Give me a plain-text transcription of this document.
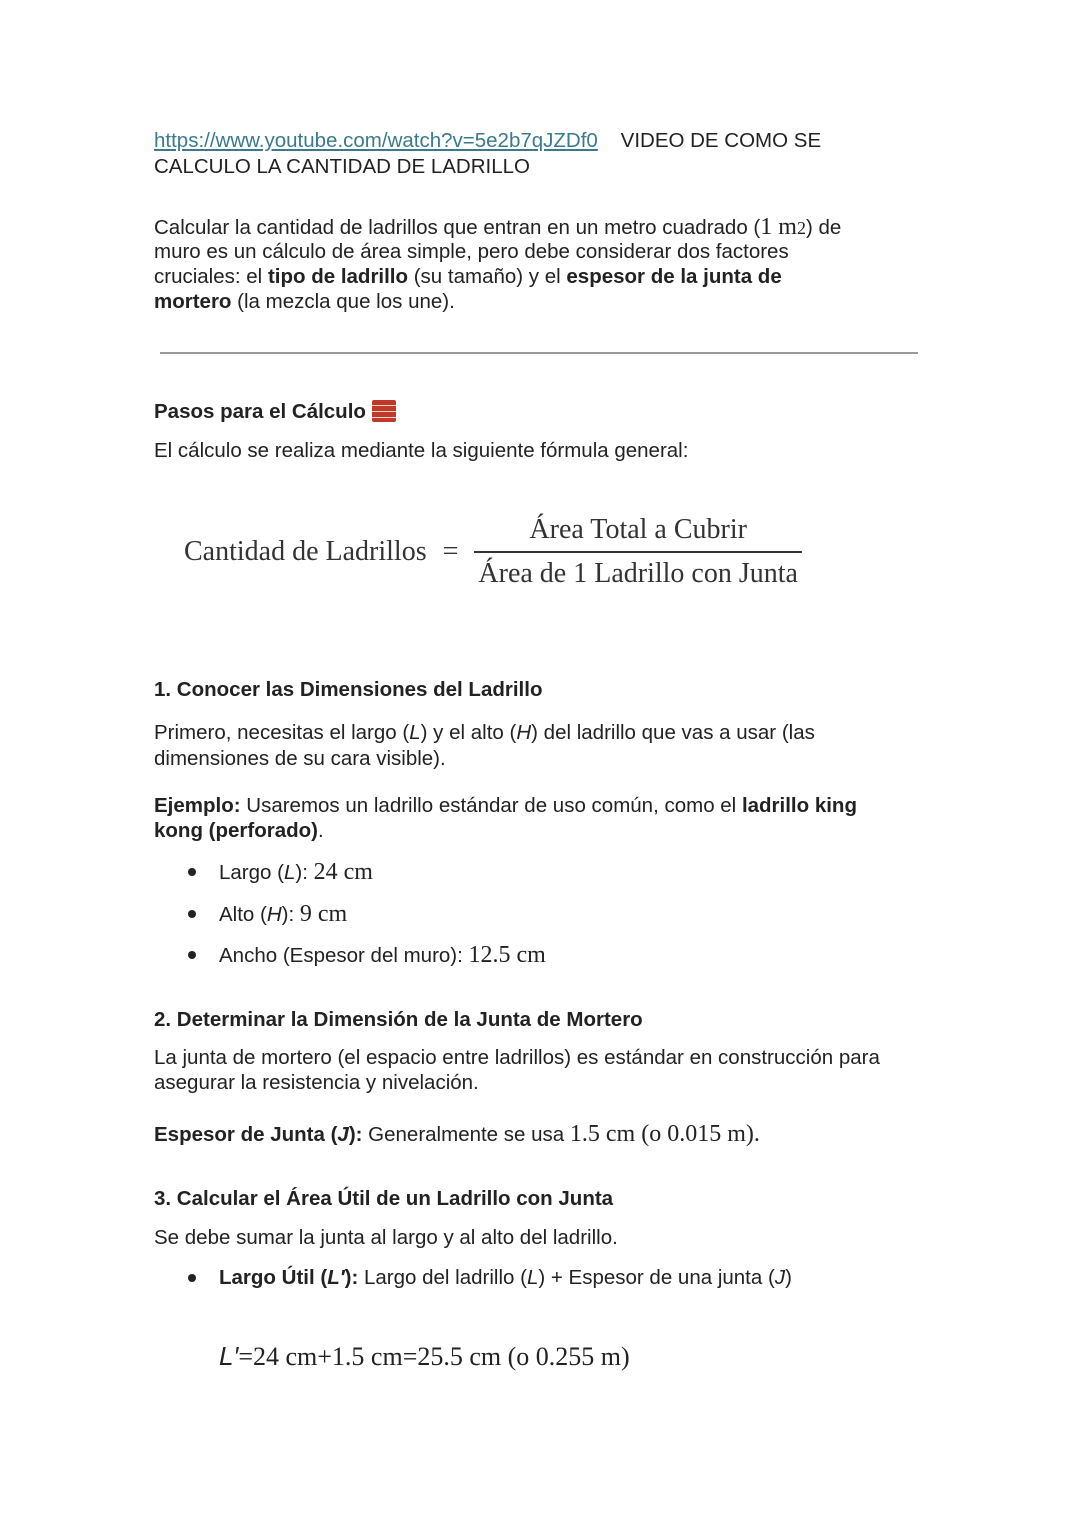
https://www.youtube.com/watch?v=5e2b7qJZDf0 VIDEO DE COMO SE
CALCULO LA CANTIDAD DE LADRILLO
Calcular la cantidad de ladrillos que entran en un metro cuadrado (1 m2) de
muro es un cálculo de área simple, pero debe considerar dos factores
cruciales: el tipo de ladrillo (su tamaño) y el espesor de la junta de
mortero (la mezcla que los une).
Pasos para el Cálculo
El cálculo se realiza mediante la siguiente fórmula general:
Cantidad de Ladrillos = $\frac{\text{Área Total a Cubrir}}{\text{Área de 1 Ladrillo con Junta}}$
1. Conocer las Dimensiones del Ladrillo
Primero, necesitas el largo (L) y el alto (H) del ladrillo que vas a usar (las
dimensiones de su cara visible).
Ejemplo: Usaremos un ladrillo estándar de uso común, como el ladrillo king
kong (perforado).
Largo (L): 24 cm
Alto (H): 9 cm
Ancho (Espesor del muro): 12.5 cm
2. Determinar la Dimensión de la Junta de Mortero
La junta de mortero (el espacio entre ladrillos) es estándar en construcción para
asegurar la resistencia y nivelación.
Espesor de Junta (J): Generalmente se usa 1.5 cm (o 0.015 m).
3. Calcular el Área Útil de un Ladrillo con Junta
Se debe sumar la junta al largo y al alto del ladrillo.
Largo Útil (L′): Largo del ladrillo (L) + Espesor de una junta (J)
L′=24 cm+1.5 cm=25.5 cm (o 0.255 m)
